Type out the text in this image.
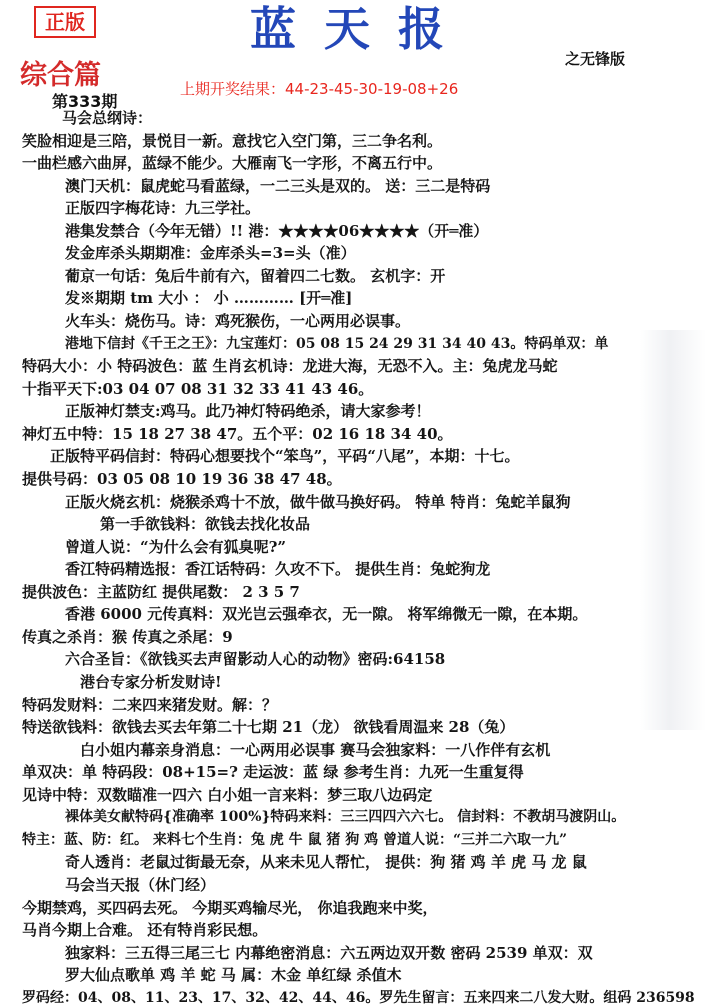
正版	蓝 天 报
之无锋版
综合篇	上期开奖结果：44-23-45-30-19-08+26
第333期
马会总纲诗：
笑脸相迎是三陪，景悦目一新。意找它入空门第，三二争名利。
一曲栏感六曲屏，蓝绿不能少。大雁南飞一字形，不离五行中。
澳门天机：鼠虎蛇马看蓝绿，一二三头是双的。 送：三二是特码
正版四字梅花诗：九三学社。
港集发禁合（今年无错）!! 港：★★★★06★★★★（开═准）
发金库杀头期期准：金库杀头=3=头（准）
葡京一句话：兔后牛前有六，留着四二七数。 玄机字：开
发※期期 tm 大小 ： 小 ………… [开═准]
火车头：烧伤马。诗：鸡死猴伤，一心两用必误事。
港地下信封《千王之王》：九宝莲灯：05 08 15 24 29 31 34 40 43。特码单双：单
特码大小：小 特码波色：蓝 生肖玄机诗：龙进大海，无恐不入。主：兔虎龙马蛇
十指平天下:03 04 07 08 31 32 33 41 43 46。
正版神灯禁支:鸡马。此乃神灯特码绝杀，请大家参考！
神灯五中特：15 18 27 38 47。五个平：02 16 18 34 40。
正版特平码信封：特码心想要找个“笨鸟”，平码“八尾”，本期：十七。
提供号码：03 05 08 10 19 36 38 47 48。
正版火烧玄机：烧猴杀鸡十不放，做牛做马换好码。 特单 特肖：兔蛇羊鼠狗
第一手欲钱料：欲钱去找化妆品
曾道人说：“为什么会有狐臭呢?”
香江特码精选报：香江话特码：久攻不下。 提供生肖：兔蛇狗龙
提供波色：主蓝防红 提供尾数： 2 3 5 7
香港 6000 元传真料：双光岂云强牵衣，无一隙。 将军绵微无一隙，在本期。
传真之杀肖：猴 传真之杀尾：9
六合圣旨：《欲钱买去声留影动人心的动物》密码:64158
港台专家分析发财诗!
特码发财料：二来四来猪发财。解：？
特送欲钱料：欲钱去买去年第二十七期 21（龙） 欲钱看周温来 28（兔）
白小姐内幕亲身消息：一心两用必误事 赛马会独家料：一八作伴有玄机
单双决：单 特码段：08+15=? 走运波：蓝 绿 参考生肖：九死一生重复得
见诗中特：双数瞄准一四六 白小姐一言来料：梦三取八边码定
裸体美女献特码{准确率 100%}特码来料：三三四四六六七。 信封料：不教胡马渡阴山。
特主：蓝、防：红。 来料七个生肖：兔 虎 牛 鼠 猪 狗 鸡 曾道人说：“三并二六取一九”
奇人透肖：老鼠过街最无奈，从来未见人帮忙， 提供：狗 猪 鸡 羊 虎 马 龙 鼠
马会当天报（休门经）
今期禁鸡，买四码去死。 今期买鸡输尽光， 你追我跑来中奖，
马肖今期上合难。 还有特肖彩民想。
独家料：三五得三尾三七 内幕绝密消息：六五两边双开数 密码 2539 单双：双
罗大仙点歌单 鸡 羊 蛇 马 属：木金 单红绿 杀值木
罗码经：04、08、11、23、17、32、42、44、46。罗先生留言：五来四来二八发大财。组码 236598
